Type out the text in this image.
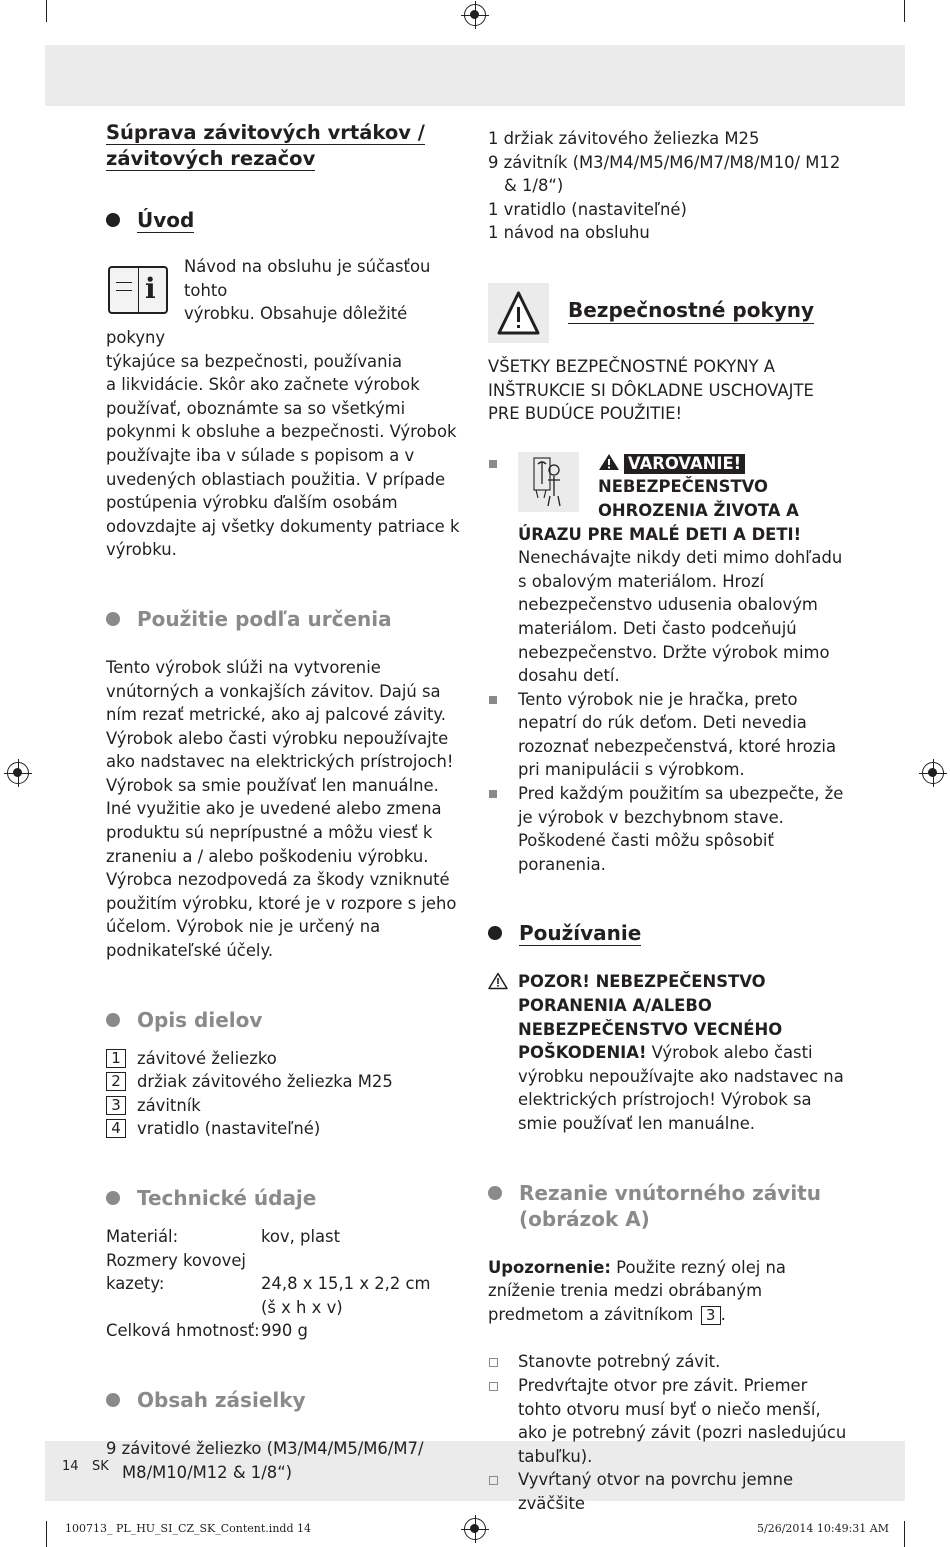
Súprava závitových vrtákov /
závitových rezačov
Úvod
i

Návod na obsluhu je súčasťou tohto

výrobku. Obsahuje dôležité pokyny

týkajúce sa bezpečnosti, používania

a likvidácie. Skôr ako začnete výrobok používať, oboznámte sa so všetkými pokynmi k obsluhe a bezpečnosti. Výrobok používajte iba v súlade s popisom a v uvedených oblastiach použitia. V prípade postúpenia výrobku ďalším osobám odovzdajte aj všetky dokumenty patriace k výrobku.

Použitie podľa určenia

Tento výrobok slúži na vytvorenie vnútorných a vonkajších závitov. Dajú sa ním rezať metrické, ako aj palcové závity. Výrobok alebo časti výrobku nepoužívajte ako nadstavec na elektrických prístrojoch! Výrobok sa smie používať len manuálne. Iné využitie ako je uvedené alebo zmena produktu sú neprípustné a môžu viesť k zraneniu a / alebo poškodeniu výrobku. Výrobca nezodpovedá za škody vzniknuté použitím výrobku, ktoré je v rozpore s jeho účelom. Výrobok nie je určený na podnikateľské účely.

Opis dielov
1 závitové želiezko
2 držiak závitového želiezka M25
3 závitník
4 vratidlo (nastaviteľné)
Technické údaje
Materiál:	kov, plast
Rozmery kovovej	
kazety:	24,8 x 15,1 x 2,2 cm
	(š x h x v)
Celková hmotnosť:	990 g
Obsah zásielky

9 závitové želiezko (M3/M4/M5/M6/M7/ M8/M10/M12 & 1/8“)

1 držiak závitového želiezka M25

9 závitník (M3/M4/M5/M6/M7/M8/M10/ M12 & 1/8“)

1 vratidlo (nastaviteľné)

1 návod na obsluhu

Bezpečnostné pokyny

VŠETKY BEZPEČNOSTNÉ POKYNY A INŠTRUKCIE SI DÔKLADNE USCHOVAJTE PRE BUDÚCE POUŽITIE!

VAROVANIE!
NEBEZPEČENSTVO
OHROZENIA ŽIVOTA A
ÚRAZU PRE MALÉ DETI A DETI!

Nenechávajte nikdy deti mimo dohľadu s obalovým materiálom. Hrozí nebezpečenstvo udusenia obalovým materiálom. Deti často podceňujú nebezpečenstvo. Držte výrobok mimo dosahu detí.

Tento výrobok nie je hračka, preto nepatrí do rúk deťom. Deti nevedia rozoznať nebezpečenstvá, ktoré hrozia pri manipulácii s výrobkom.
Pred každým použitím sa ubezpečte, že je výrobok v bezchybnom stave. Poškodené časti môžu spôsobiť poranenia.
Používanie
POZOR! NEBEZPEČENSTVO PORANENIA A/ALEBO NEBEZPEČENSTVO VECNÉHO POŠKODENIA! Výrobok alebo časti výrobku nepoužívajte ako nadstavec na elektrických prístrojoch! Výrobok sa smie používať len manuálne.
Rezanie vnútorného závitu
(obrázok A)

Upozornenie: Použite rezný olej na zníženie trenia medzi obrábaným predmetom a závitníkom 3 .

Stanovte potrebný závit.
Predvŕtajte otvor pre závit. Priemer tohto otvoru musí byť o niečo menší, ako je potrebný závit (pozri nasledujúcu tabuľku).
Vyvŕtaný otvor na povrchu jemne zväčšite
14 SK
100713_ PL_HU_SI_CZ_SK_Content.indd 14	5/26/2014 10:49:31 AM
